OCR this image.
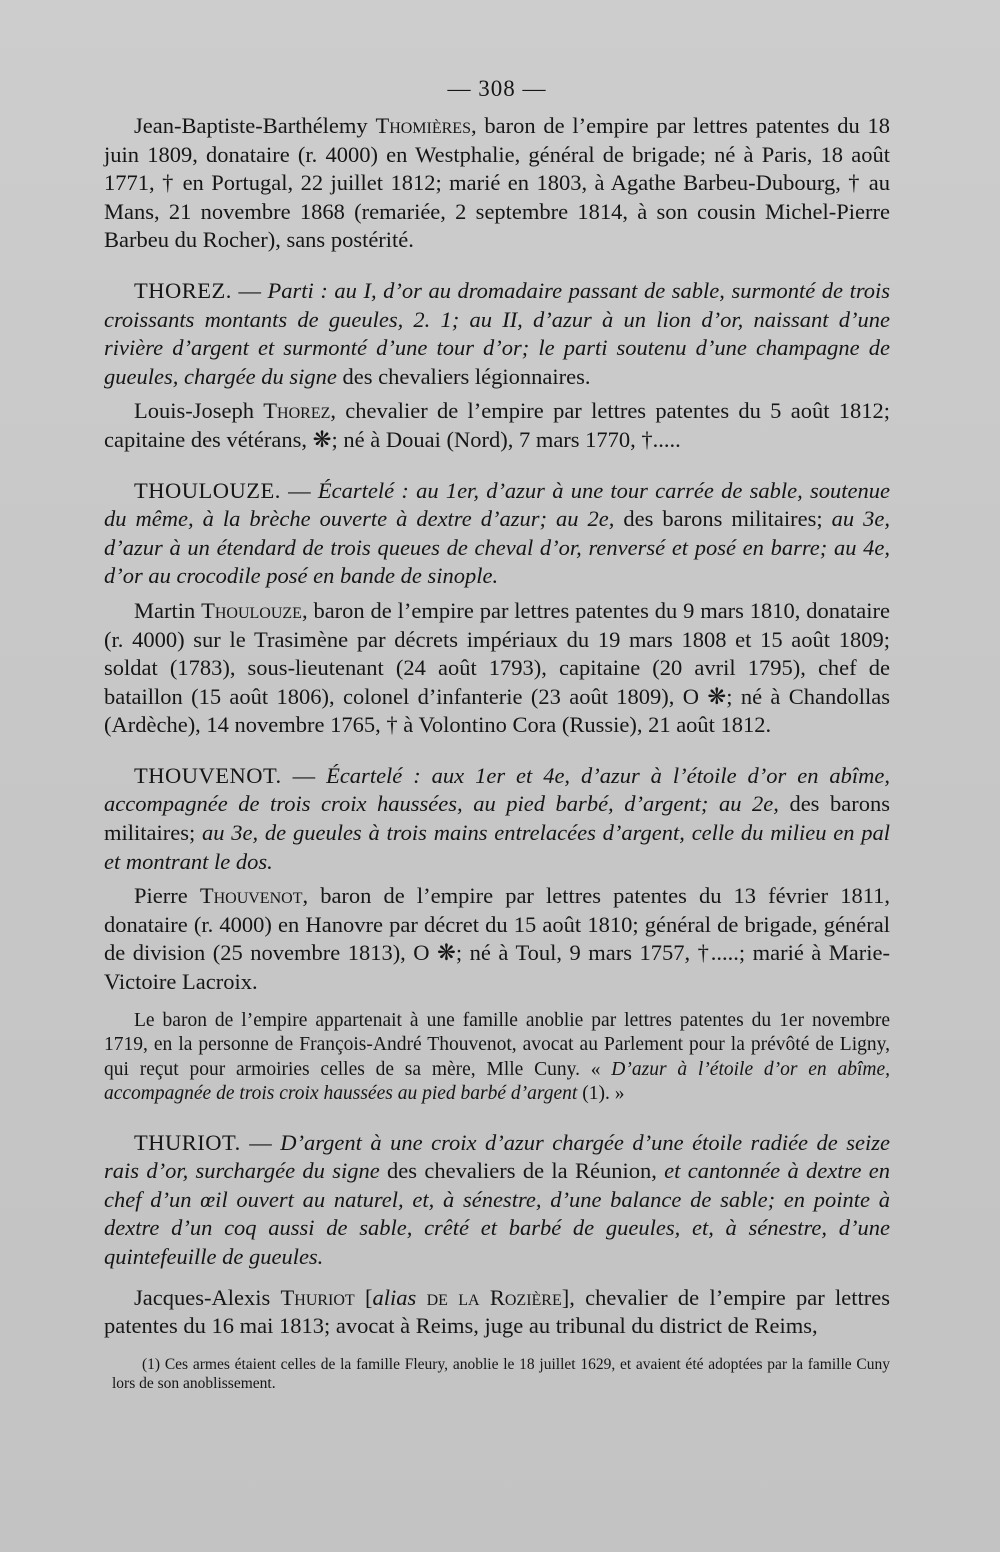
— 308 —

Jean-Baptiste-Barthélemy Thomières, baron de l’empire par lettres patentes du 18 juin 1809, donataire (r. 4000) en Westphalie, général de brigade; né à Paris, 18 août 1771, † en Portugal, 22 juillet 1812; marié en 1803, à Agathe Barbeu-Dubourg, † au Mans, 21 novembre 1868 (remariée, 2 septembre 1814, à son cousin Michel-Pierre Barbeu du Rocher), sans postérité.

THOREZ. — Parti : au I, d’or au dromadaire passant de sable, surmonté de trois croissants montants de gueules, 2. 1; au II, d’azur à un lion d’or, naissant d’une rivière d’argent et surmonté d’une tour d’or; le parti soutenu d’une champagne de gueules, chargée du signe des chevaliers légionnaires.

Louis-Joseph Thorez, chevalier de l’empire par lettres patentes du 5 août 1812; capitaine des vétérans, ❋; né à Douai (Nord), 7 mars 1770, †.....

THOULOUZE. — Écartelé : au 1er, d’azur à une tour carrée de sable, soutenue du même, à la brèche ouverte à dextre d’azur; au 2e, des barons militaires; au 3e, d’azur à un étendard de trois queues de cheval d’or, renversé et posé en barre; au 4e, d’or au crocodile posé en bande de sinople.

Martin Thoulouze, baron de l’empire par lettres patentes du 9 mars 1810, donataire (r. 4000) sur le Trasimène par décrets impériaux du 19 mars 1808 et 15 août 1809; soldat (1783), sous-lieutenant (24 août 1793), capitaine (20 avril 1795), chef de bataillon (15 août 1806), colonel d’infanterie (23 août 1809), O ❋; né à Chandollas (Ardèche), 14 novembre 1765, † à Volontino Cora (Russie), 21 août 1812.

THOUVENOT. — Écartelé : aux 1er et 4e, d’azur à l’étoile d’or en abîme, accompagnée de trois croix haussées, au pied barbé, d’argent; au 2e, des barons militaires; au 3e, de gueules à trois mains entrelacées d’argent, celle du milieu en pal et montrant le dos.

Pierre Thouvenot, baron de l’empire par lettres patentes du 13 février 1811, donataire (r. 4000) en Hanovre par décret du 15 août 1810; général de brigade, général de division (25 novembre 1813), O ❋; né à Toul, 9 mars 1757, †.....; marié à Marie-Victoire Lacroix.

Le baron de l’empire appartenait à une famille anoblie par lettres patentes du 1er novembre 1719, en la personne de François-André Thouvenot, avocat au Parlement pour la prévôté de Ligny, qui reçut pour armoiries celles de sa mère, Mlle Cuny. « D’azur à l’étoile d’or en abîme, accompagnée de trois croix haussées au pied barbé d’argent (1). »

THURIOT. — D’argent à une croix d’azur chargée d’une étoile radiée de seize rais d’or, surchargée du signe des chevaliers de la Réunion, et cantonnée à dextre en chef d’un œil ouvert au naturel, et, à sénestre, d’une balance de sable; en pointe à dextre d’un coq aussi de sable, crêté et barbé de gueules, et, à sénestre, d’une quintefeuille de gueules.

Jacques-Alexis Thuriot [alias de la Rozière], chevalier de l’empire par lettres patentes du 16 mai 1813; avocat à Reims, juge au tribunal du district de Reims,

(1) Ces armes étaient celles de la famille Fleury, anoblie le 18 juillet 1629, et avaient été adoptées par la famille Cuny lors de son anoblissement.
